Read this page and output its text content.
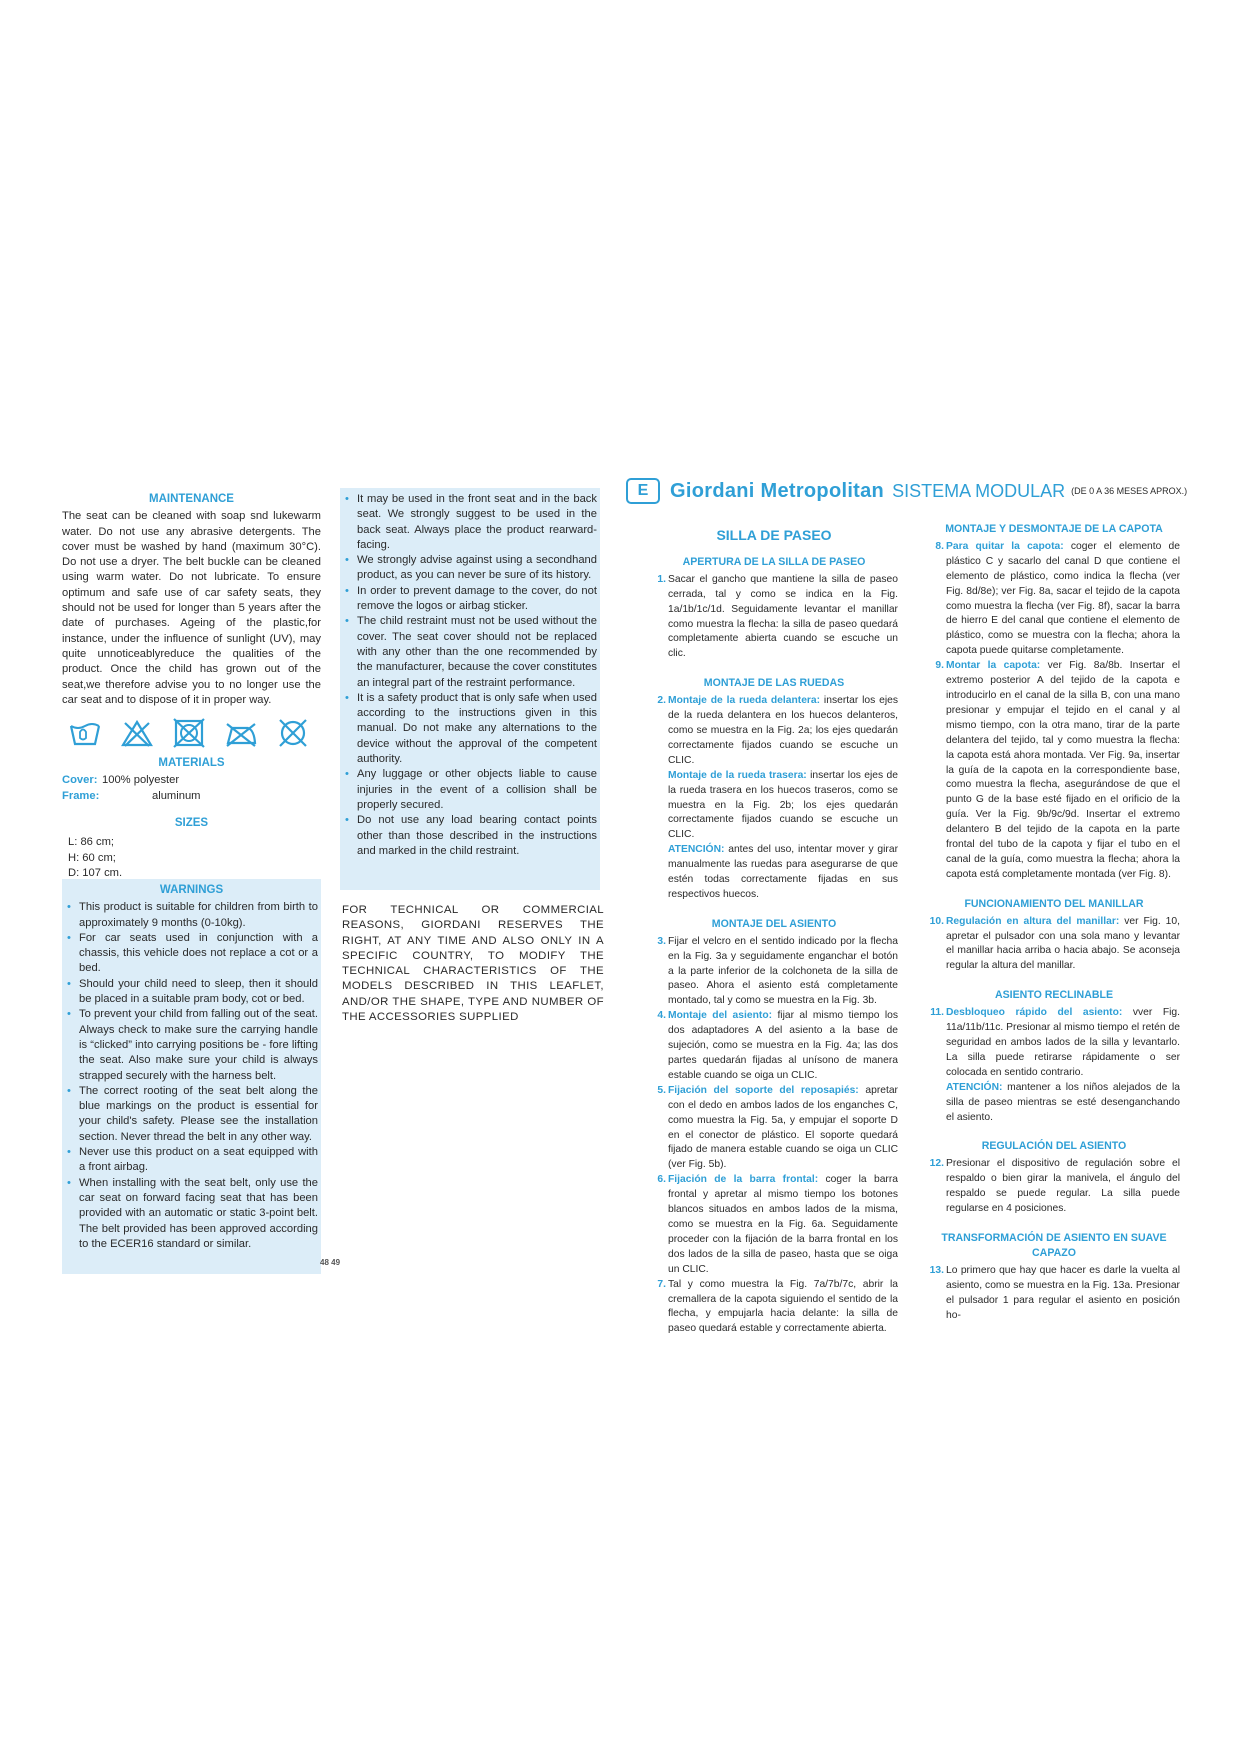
MAINTENANCE
The seat can be cleaned with soap snd lukewarm water. Do not use any abrasive detergents. The cover must be washed by hand (maximum 30°C). Do not use a dryer. The belt buckle can be cleaned using warm water. Do not lubricate. To ensure optimum and safe use of car safety seats, they should not be used for longer than 5 years after the date of purchases. Ageing of the plastic,for instance, under the influence of sunlight (UV), may quite unnoticeablyreduce the qualities of the product. Once the child has grown out of the seat,we therefore advise you to no longer use the car seat and to dispose of it in proper way.
MATERIALS
Cover: 100% polyester
Frame:	aluminum
SIZES
L: 86 cm;
H: 60 cm;
D: 107 cm.
WARNINGS
• This product is suitable for children from birth to approximately 9 months (0-10kg).
• For car seats used in conjunction with a chassis, this vehicle does not replace a cot or a bed.
• Should your child need to sleep, then it should be placed in a suitable pram body, cot or bed.
• To prevent your child from falling out of the seat. Always check to make sure the carrying handle is “clicked” into carrying positions be - fore lifting the seat. Also make sure your child is always strapped securely with the harness belt.
• The correct rooting of the seat belt along the blue markings on the product is essential for your child's safety. Please see the installation section. Never thread the belt in any other way.
• Never use this product on a seat equipped with a front airbag.
• When installing with the seat belt, only use the car seat on forward facing seat that has been provided with an automatic or static 3-point belt. The belt provided has been approved according to the ECER16 standard or similar.
• It may be used in the front seat and in the back seat. We strongly suggest to be used in the back seat. Always place the product rearward-facing.
• We strongly advise against using a secondhand product, as you can never be sure of its history.
• In order to prevent damage to the cover, do not remove the logos or airbag sticker.
• The child restraint must not be used without the cover. The seat cover should not be replaced with any other than the one recommended by the manufacturer, because the cover constitutes an integral part of the restraint performance.
• It is a safety product that is only safe when used according to the instructions given in this manual. Do not make any alternations to the device without the approval of the competent authority.
• Any luggage or other objects liable to cause injuries in the event of a collision shall be properly secured.
• Do not use any load bearing contact points other than those described in the instructions and marked in the child restraint.
FOR TECHNICAL OR COMMERCIAL REASONS, GIORDANI RESERVES THE RIGHT, AT ANY TIME AND ALSO ONLY IN A SPECIFIC COUNTRY, TO MODIFY THE TECHNICAL CHARACTERISTICS OF THE MODELS DESCRIBED IN THIS LEAFLET, AND/OR THE SHAPE, TYPE AND NUMBER OF THE ACCESSORIES SUPPLIED
48 49
E	Giordani Metropolitan SISTEMA MODULAR (DE 0 A 36 MESES APROX.)
SILLA DE PASEO
APERTURA DE LA SILLA DE PASEO
1. Sacar el gancho que mantiene la silla de paseo cerrada, tal y como se indica en la Fig. 1a/1b/1c/1d. Seguidamente levantar el manillar como muestra la flecha: la silla de paseo quedará completamente abierta cuando se escuche un clic.
MONTAJE DE LAS RUEDAS
2. Montaje de la rueda delantera: insertar los ejes de la rueda delantera en los huecos delanteros, como se muestra en la Fig. 2a; los ejes quedarán correctamente fijados cuando se escuche un CLIC.
Montaje de la rueda trasera: insertar los ejes de la rueda trasera en los huecos traseros, como se muestra en la Fig. 2b; los ejes quedarán correctamente fijados cuando se escuche un CLIC.
ATENCIÓN: antes del uso, intentar mover y girar manualmente las ruedas para asegurarse de que estén todas correctamente fijadas en sus respectivos huecos.
MONTAJE DEL ASIENTO
3. Fijar el velcro en el sentido indicado por la flecha en la Fig. 3a y seguidamente enganchar el botón a la parte inferior de la colchoneta de la silla de paseo. Ahora el asiento está completamente montado, tal y como se muestra en la Fig. 3b.
4. Montaje del asiento: fijar al mismo tiempo los dos adaptadores A del asiento a la base de sujeción, como se muestra en la Fig. 4a; las dos partes quedarán fijadas al unísono de manera estable cuando se oiga un CLIC.
5. Fijación del soporte del reposapiés: apretar con el dedo en ambos lados de los enganches C, como muestra la Fig. 5a, y empujar el soporte D en el conector de plástico. El soporte quedará fijado de manera estable cuando se oiga un CLIC (ver Fig. 5b).
6. Fijación de la barra frontal: coger la barra frontal y apretar al mismo tiempo los botones blancos situados en ambos lados de la misma, como se muestra en la Fig. 6a. Seguidamente proceder con la fijación de la barra frontal en los dos lados de la silla de paseo, hasta que se oiga un CLIC.
7. Tal y como muestra la Fig. 7a/7b/7c, abrir la cremallera de la capota siguiendo el sentido de la flecha, y empujarla hacia delante: la silla de paseo quedará estable y correctamente abierta.
MONTAJE Y DESMONTAJE DE LA CAPOTA
8. Para quitar la capota: coger el elemento de plástico C y sacarlo del canal D que contiene el elemento de plástico, como indica la flecha (ver Fig. 8d/8e); ver Fig. 8a, sacar el tejido de la capota como muestra la flecha (ver Fig. 8f), sacar la barra de hierro E del canal que contiene el elemento de plástico, como se muestra con la flecha; ahora la capota puede quitarse completamente.
9. Montar la capota: ver Fig. 8a/8b. Insertar el extremo posterior A del tejido de la capota e introducirlo en el canal de la silla B, con una mano presionar y empujar el tejido en el canal y al mismo tiempo, con la otra mano, tirar de la parte delantera del tejido, tal y como muestra la flecha: la capota está ahora montada. Ver Fig. 9a, insertar la guía de la capota en la correspondiente base, como muestra la flecha, asegurándose de que el punto G de la base esté fijado en el orificio de la guía. Ver la Fig. 9b/9c/9d. Insertar el extremo delantero B del tejido de la capota en la parte frontal del tubo de la capota y fijar el tubo en el canal de la guía, como muestra la flecha; ahora la capota está completamente montada (ver Fig. 8).
FUNCIONAMIENTO DEL MANILLAR
10. Regulación en altura del manillar: ver Fig. 10, apretar el pulsador con una sola mano y levantar el manillar hacia arriba o hacia abajo. Se aconseja regular la altura del manillar.
ASIENTO RECLINABLE
11. Desbloqueo rápido del asiento: vver Fig. 11a/11b/11c. Presionar al mismo tiempo el retén de seguridad en ambos lados de la silla y levantarlo. La silla puede retirarse rápidamente o ser colocada en sentido contrario.
ATENCIÓN: mantener a los niños alejados de la silla de paseo mientras se esté desenganchando el asiento.
REGULACIÓN DEL ASIENTO
12. Presionar el dispositivo de regulación sobre el respaldo o bien girar la manivela, el ángulo del respaldo se puede regular. La silla puede regularse en 4 posiciones.
TRANSFORMACIÓN DE ASIENTO EN SUAVE CAPAZO
13. Lo primero que hay que hacer es darle la vuelta al asiento, como se muestra en la Fig. 13a. Presionar el pulsador 1 para regular el asiento en posición ho-
